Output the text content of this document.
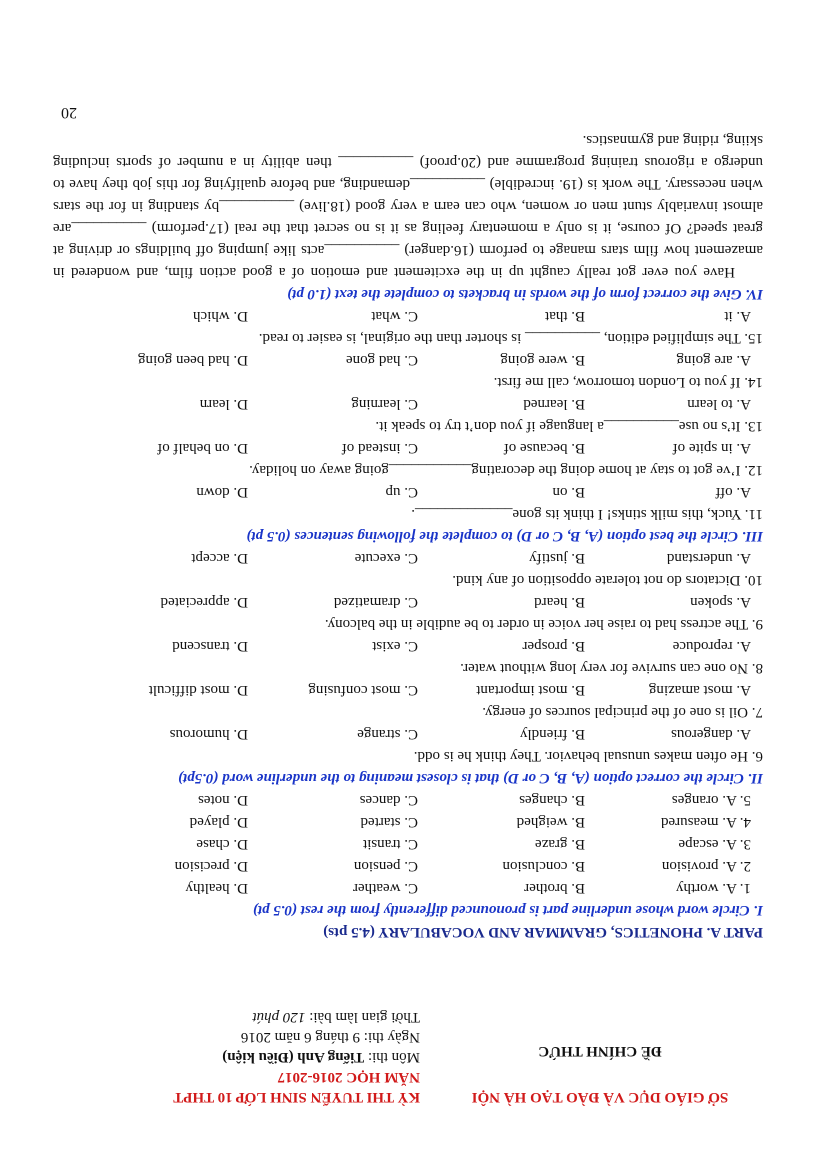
SỞ GIÁO DỤC VÀ ĐÀO TẠO HÀ NỘI
ĐỀ CHÍNH THỨC
KỲ THI TUYỂN SINH LỚP 10 THPT
NĂM HỌC 2016-2017
Môn thi: Tiếng Anh (Điều kiện)
Ngày thi: 9 tháng 6 năm 2016
Thời gian làm bài: 120 phút
PART A. PHONETICS, GRAMMAR AND VOCABULARY (4.5 pts)
I. Circle word whose underline part is pronounced differently from the rest (0.5 pt)
1. A. worthy
B. brother
C. weather
D. healthy
2. A. provision
B. conclusion
C. pension
D. precision
3. A. escape
B. graze
C. transit
D. chase
4. A. measured
B. weighed
C. started
D. played
5. A. oranges
B. changes
C. dances
D. notes
II. Circle the correct option (A, B, C or D) that is closest meaning to the underline word (0.5pt)
6. He often makes unusual behavior. They think he is odd.
A. dangerous
B. friendly
C. strange
D. humorous
7. Oil is one of the principal sources of energy.
A. most amazing
B. most important
C. most confusing
D. most difficult
8. No one can survive for very long without water.
A. reproduce
B. prosper
C. exist
D. transcend
9. The actress had to raise her voice in order to be audible in the balcony.
A. spoken
B. heard
C. dramatized
D. appreciated
10. Dictators do not tolerate opposition of any kind.
A. understand
B. justify
C. execute
D. accept
III. Circle the best option (A, B, C or D) to complete the following sentences (0.5 pt)
11. Yuck, this milk stinks! I think its gone_____________.
A. off
B. on
C. up
D. down
12. I’ve got to stay at home doing the decorating___________going away on holiday.
A. in spite of
B. because of
C. instead of
D. on behalf of
13. It’s no use__________a language if you don’t try to speak it.
A. to learn
B. learned
C. learning
D. learn
14. If you to London tomorrow, call me first.
A. are going
B. were going
C. had gone
D. had been going
15. The simplified edition, __________ is shorter than the original, is easier to read.
A. it
B. that
C. what
D. which
IV. Give the correct form of the words in brackets to complete the text (1.0 pt)
Have you ever got really caught up in the excitement and emotion of a good action film, and wondered in amazement how film stars manage to perform (16.danger) __________acts like jumping off buildings or driving at great speed? Of course, it is only a momentary feeling as it is no secret that the real (17.perform) __________are almost invariably stunt men or women, who can earn a very good (18.live) __________by standing in for the stars when necessary. The work is (19. incredible) __________demanding, and before qualifying for this job they have to undergo a rigorous training programme and (20.proof) __________ then ability in a number of sports including skiing, riding and gymnastics.
20
